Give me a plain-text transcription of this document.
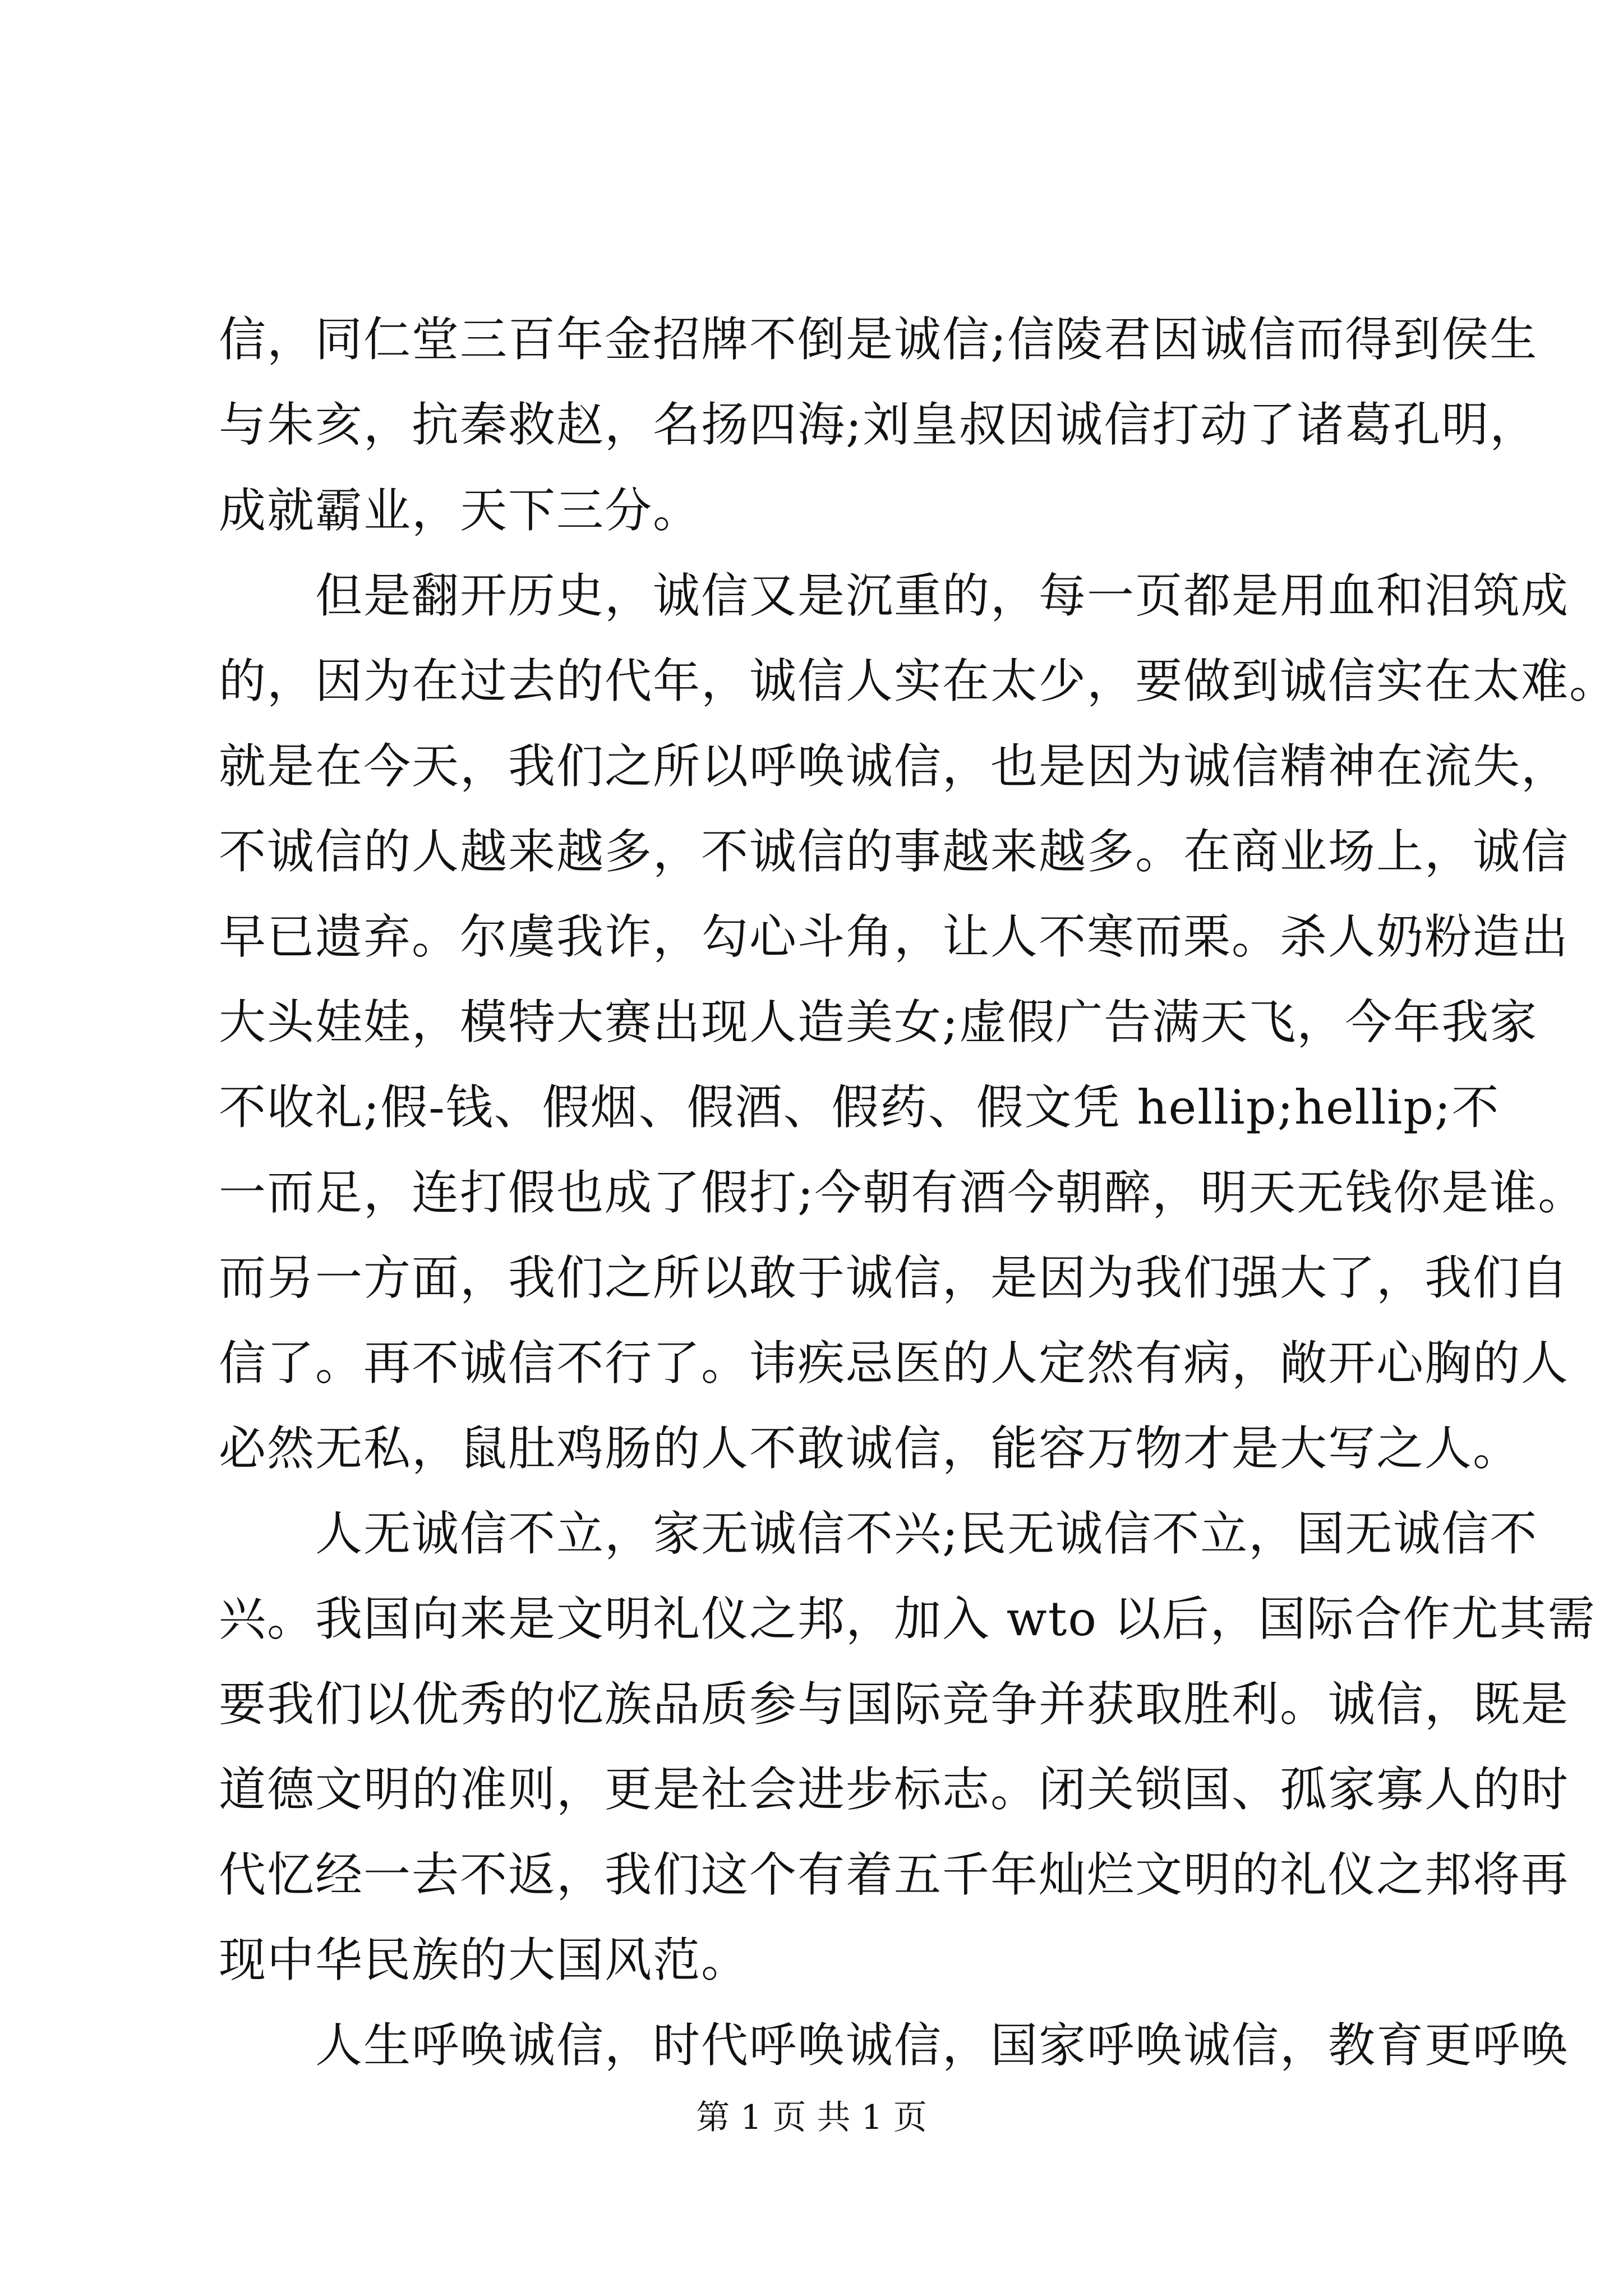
信，同仁堂三百年金招牌不倒是诚信;信陵君因诚信而得到侯生
与朱亥，抗秦救赵，名扬四海;刘皇叔因诚信打动了诸葛孔明，
成就霸业，天下三分。
　　但是翻开历史，诚信又是沉重的，每一页都是用血和泪筑成
的，因为在过去的代年，诚信人实在太少，要做到诚信实在太难。
就是在今天，我们之所以呼唤诚信，也是因为诚信精神在流失，
不诚信的人越来越多，不诚信的事越来越多。在商业场上，诚信
早已遗弃。尔虞我诈，勾心斗角，让人不寒而栗。杀人奶粉造出
大头娃娃，模特大赛出现人造美女;虚假广告满天飞，今年我家
不收礼;假-钱、假烟、假酒、假药、假文凭 hellip;hellip;不
一而足，连打假也成了假打;今朝有酒今朝醉，明天无钱你是谁。
而另一方面，我们之所以敢于诚信，是因为我们强大了，我们自
信了。再不诚信不行了。讳疾忌医的人定然有病，敞开心胸的人
必然无私，鼠肚鸡肠的人不敢诚信，能容万物才是大写之人。
　　人无诚信不立，家无诚信不兴;民无诚信不立，国无诚信不
兴。我国向来是文明礼仪之邦，加入 wto 以后，国际合作尤其需
要我们以优秀的忆族品质参与国际竞争并获取胜利。诚信，既是
道德文明的准则，更是社会进步标志。闭关锁国、孤家寡人的时
代忆经一去不返，我们这个有着五千年灿烂文明的礼仪之邦将再
现中华民族的大国风范。
　　人生呼唤诚信，时代呼唤诚信，国家呼唤诚信，教育更呼唤
第 1 页 共 1 页
